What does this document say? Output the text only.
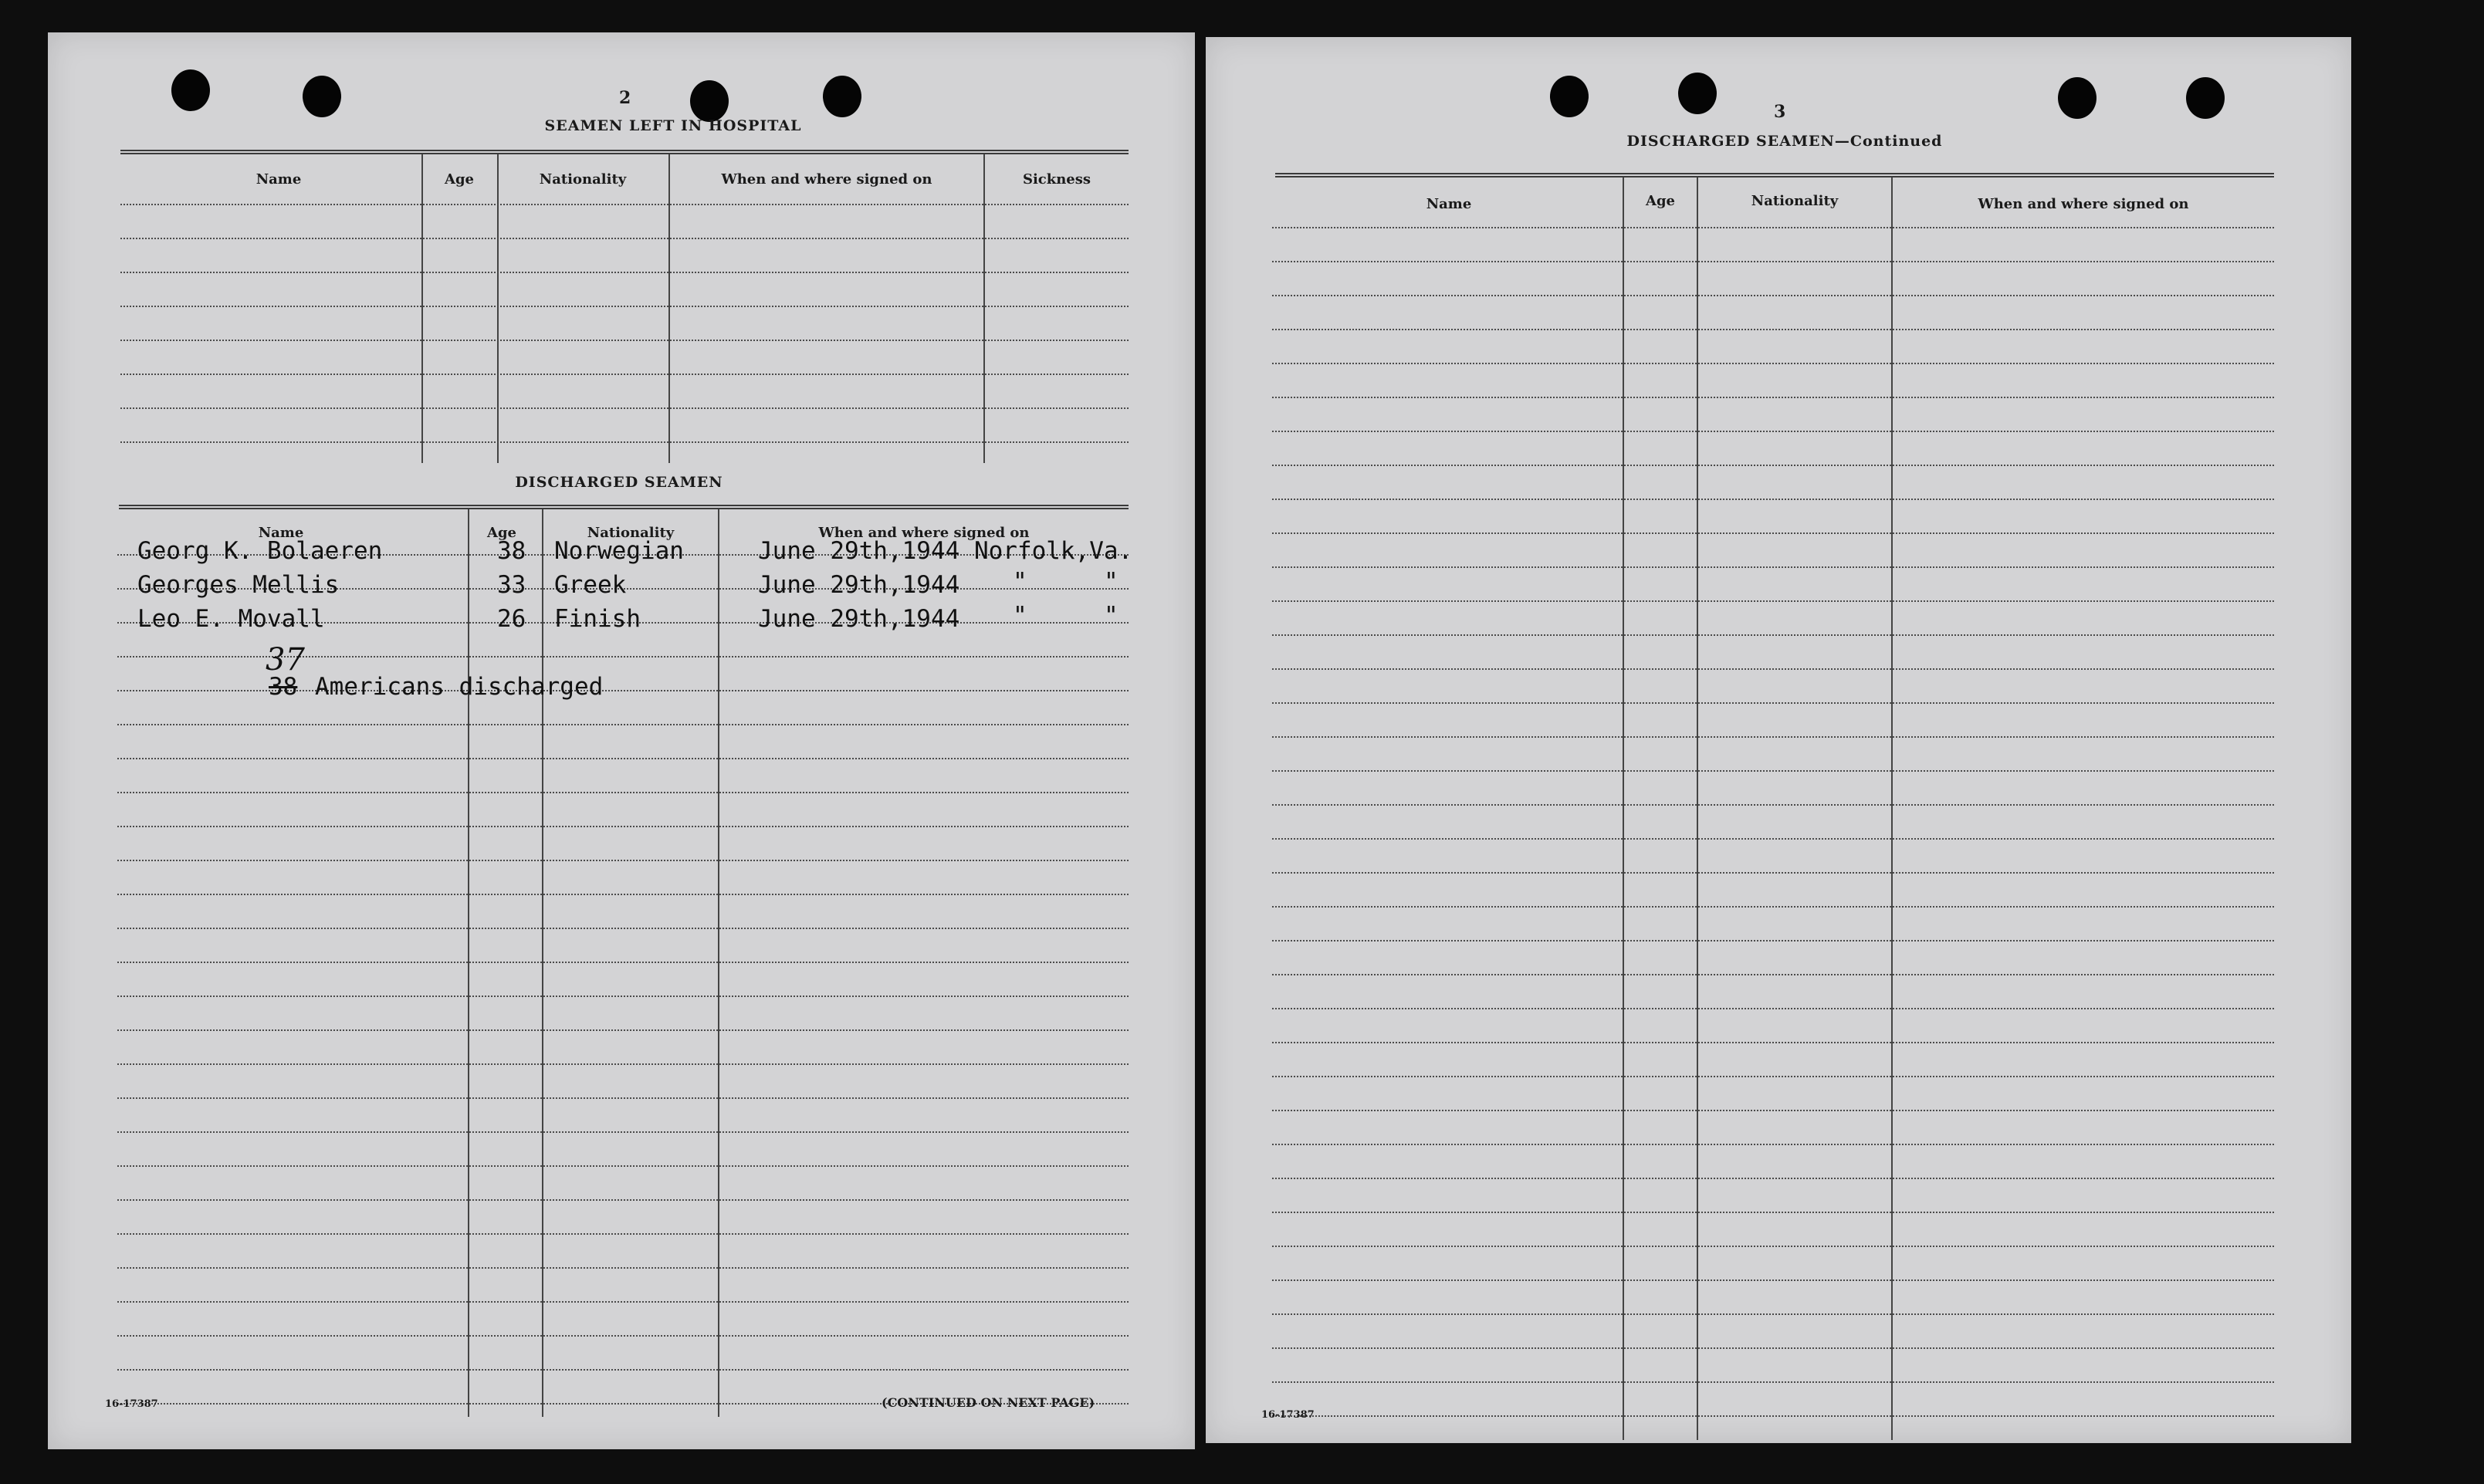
2
SEAMEN LEFT IN HOSPITAL
Name	Age	Nationality	When and where signed on	Sickness
DISCHARGED SEAMEN
Name	Age	Nationality	When and where signed on
Georg K. Bolaeren	38 Norwegian	June 29th,1944 Norfolk,Va.
Georges Mellis	33 Greek	June 29th,1944 "	"
Leo E. Movall	26 Finish	June 29th,1944 "	"
37
38 Americans discharged
16-17387	(CONTINUED ON NEXT PAGE)
3
DISCHARGED SEAMEN—Continued
Name	Age	Nationality	When and where signed on
16-17387
